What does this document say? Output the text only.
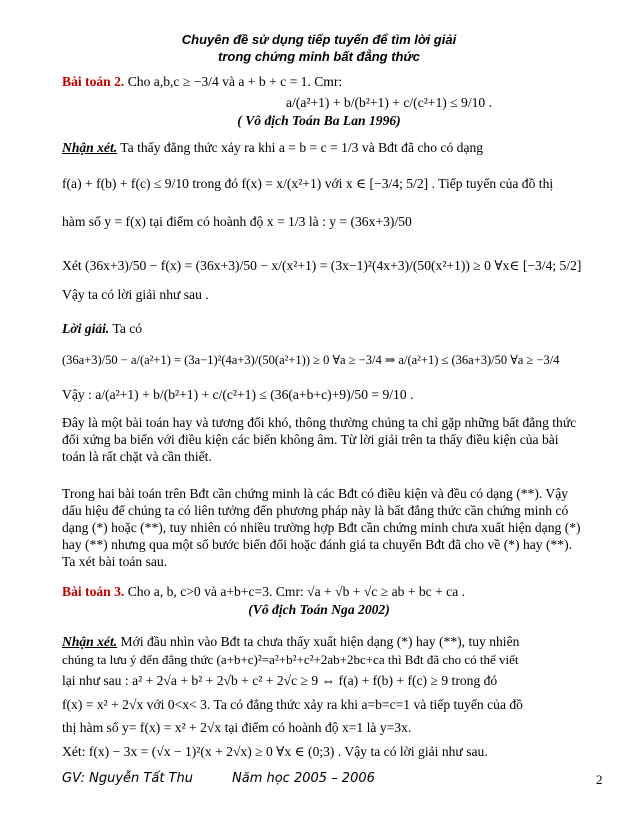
Chuyên đề sử dụng tiếp tuyến để tìm lời giải
trong chứng minh bất đẳng thức
Bài toán 2. Cho a,b,c ≥ −3/4 và a + b + c = 1. Cmr:
a/(a²+1) + b/(b²+1) + c/(c²+1) ≤ 9/10 .
( Vô địch Toán Ba Lan 1996)
Nhận xét. Ta thấy đẳng thức xảy ra khi a = b = c = 1/3 và Bđt đã cho có dạng
f(a) + f(b) + f(c) ≤ 9/10 trong đó f(x) = x/(x²+1) với x ∈ [−3/4; 5/2] . Tiếp tuyến của đồ thị
hàm số y = f(x) tại điểm có hoành độ x = 1/3 là : y = (36x+3)/50
Xét (36x+3)/50 − f(x) = (36x+3)/50 − x/(x²+1) = (3x−1)²(4x+3)/(50(x²+1)) ≥ 0 ∀x∈ [−3/4; 5/2]
Vậy ta có lời giải như sau .
Lời giải. Ta có
(36a+3)/50 − a/(a²+1) = (3a−1)²(4a+3)/(50(a²+1)) ≥ 0 ∀a ≥ −3/4 ⇒ a/(a²+1) ≤ (36a+3)/50 ∀a ≥ −3/4
Vậy : a/(a²+1) + b/(b²+1) + c/(c²+1) ≤ (36(a+b+c)+9)/50 = 9/10 .
Đây là một bài toán hay và tương đối khó, thông thường chúng ta chỉ gặp những bất đẳng thức đối xứng ba biến với điều kiện các biến không âm. Từ lời giải trên ta thấy điều kiện của bài toán là rất chặt và cần thiết.
Trong hai bài toán trên Bđt cần chứng minh là các Bđt có điều kiện và đều có dạng (**). Vậy dấu hiệu để chúng ta có liên tưởng đến phương pháp này là bất đẳng thức cần chứng minh có dạng (*) hoặc (**), tuy nhiên có nhiều trường hợp Bđt cần chứng minh chưa xuất hiện dạng (*) hay (**) nhưng qua một số bước biến đổi hoặc đánh giá ta chuyển Bđt đã cho về (*) hay (**). Ta xét bài toán sau.
Bài toán 3. Cho a, b, c>0 và a+b+c=3. Cmr: √a + √b + √c ≥ ab + bc + ca .
(Vô địch Toán Nga 2002)
Nhận xét. Mới đầu nhìn vào Bđt ta chưa thấy xuất hiện dạng (*) hay (**), tuy nhiên
chúng ta lưu ý đến đẳng thức (a+b+c)²=a²+b²+c²+2ab+2bc+ca thì Bđt đã cho có thể viết
lại như sau : a² + 2√a + b² + 2√b + c² + 2√c ≥ 9 ⇔ f(a) + f(b) + f(c) ≥ 9 trong đó
f(x) = x² + 2√x với 0<x< 3. Ta có đẳng thức xảy ra khi a=b=c=1 và tiếp tuyến của đồ
thị hàm số y= f(x) = x² + 2√x tại điểm có hoành độ x=1 là y=3x.
Xét: f(x) − 3x = (√x − 1)²(x + 2√x) ≥ 0 ∀x ∈ (0;3) . Vậy ta có lời giải như sau.
GV: Nguyễn Tất Thu	Năm học 2005 – 2006	2
